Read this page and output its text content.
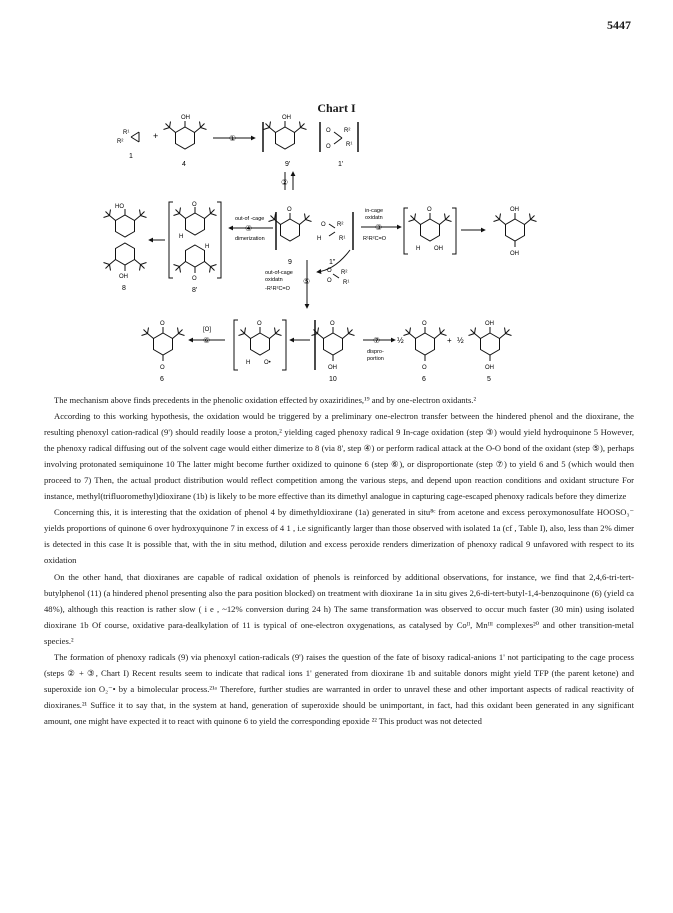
5447
Chart I
R¹
R²
1
+
OH
4
①
OH
9'
O
O
R²
R¹
1'
②
HO
OH
8
O
O
H
H
8'
out-of -cage
④
dimerization
O
9
O
H
R²
R¹
1"
in-cage
oxidatn
③
R¹R²C=O
O
H OH
OH
OH
out-of-cage
oxidatn
-R¹R²C=O
⑤
O
O
R²
R¹
O
O
6
[O]
⑥
O
H O•
O
OH
10
⑦ ½
dispro-
portion
O
O
6
+ ½
OH
OH
5

The mechanism above finds precedents in the phenolic oxidation effected by oxaziridines,¹⁹ and by one-electron oxidants.²

According to this working hypothesis, the oxidation would be triggered by a preliminary one-electron transfer between the hindered phenol and the dioxirane, the resulting phenoxyl cation-radical (9') should readily loose a proton,² yielding caged phenoxy radical 9 In-cage oxidation (step ③) would yield hydroquinone 5 However, the phenoxy radical diffusing out of the solvent cage would either dimerize to 8 (via 8', step ④) or perform radical attack at the O-O bond of the oxidant (step ⑤), perhaps involving protonated semiquinone 10 The latter might become further oxidized to quinone 6 (step ⑥), or disproportionate (step ⑦) to yield 6 and 5 (which would then proceed to 7) Then, the actual product distribution would reflect competition among the various steps, and depend upon reaction conditions and oxidant structure For instance, methyl(trifluoromethyl)dioxirane (1b) is likely to be more effective than its dimethyl analogue in capturing cage-escaped phenoxy radicals before they dimerize

Concerning this, it is interesting that the oxidation of phenol 4 by dimethyldioxirane (1a) generated in situ⁸ᶜ from acetone and excess peroxymonosulfate HOOSO₃⁻ yields proportions of quinone 6 over hydroxyquinone 7 in excess of 4 1 , i.e significantly larger than those observed with isolated 1a (cf , Table I), also, less than 2% dimer is detected in this case It is possible that, with the in situ method, dilution and excess peroxide renders dimerization of phenoxy radical 9 unfavored with respect to its oxidation

On the other hand, that dioxiranes are capable of radical oxidation of phenols is reinforced by additional observations, for instance, we find that 2,4,6-tri-tert-butylphenol (11) (a hindered phenol presenting also the para position blocked) on treatment with dioxirane 1a in situ gives 2,6-di-tert-butyl-1,4-benzoquinone (6) (yield ca 48%), although this reaction is rather slow ( i e , ~12% conversion during 24 h) The same transformation was observed to occur much faster (30 min) using isolated dioxirane 1b Of course, oxidative para-dealkylation of 11 is typical of one-electron oxygenations, as catalysed by Coᴵᴵ, Mnᴵᴵᴵ complexes²⁰ and other transition-metal species.²

The formation of phenoxy radicals (9) via phenoxyl cation-radicals (9') raises the question of the fate of bisoxy radical-anions 1' not participating to the cage process (steps ② + ③, Chart I) Recent results seem to indicate that radical ions 1' generated from dioxirane 1b and suitable donors might yield TFP (the parent ketone) and superoxide ion O₂⁻• by a bimolecular process.²¹ᵃ Therefore, further studies are warranted in order to unravel these and other important aspects of radical reactivity of dioxiranes.²¹ Suffice it to say that, in the system at hand, generation of superoxide should be unimportant, in fact, had this oxidant been generated in any significant amount, one might have expected it to react with quinone 6 to yield the corresponding epoxide ²² This product was not detected
